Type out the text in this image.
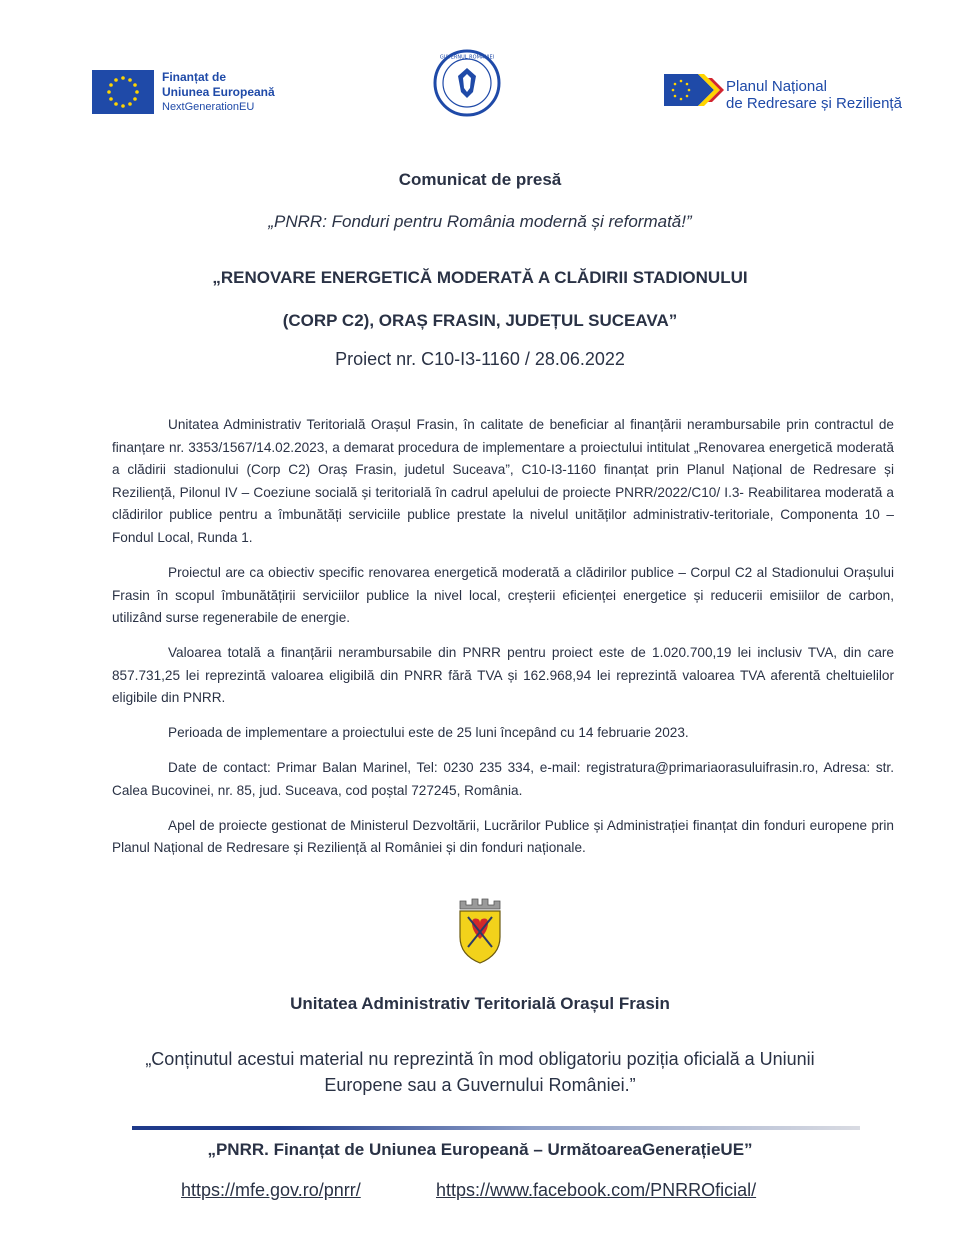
Finanțat de
Uniunea Europeană
NextGenerationEU
GUVERNUL ROMÂNIEI
Planul Național
de Redresare și Reziliență
Comunicat de presă
„PNRR: Fonduri pentru România modernă și reformată!”
„RENOVARE ENERGETICĂ MODERATĂ A CLĂDIRII STADIONULUI
(CORP C2), ORAȘ FRASIN, JUDEȚUL SUCEAVA”
Proiect nr. C10-I3-1160 / 28.06.2022

Unitatea Administrativ Teritorială Orașul Frasin, în calitate de beneficiar al finanțării nerambursabile prin contractul de finanțare nr. 3353/1567/14.02.2023, a demarat procedura de implementare a proiectului intitulat „Renovarea energetică moderată a clădirii stadionului (Corp C2) Oraș Frasin, judetul Suceava”, C10-I3-1160 finanțat prin Planul Național de Redresare și Reziliență, Pilonul IV – Coeziune socială și teritorială în cadrul apelului de proiecte PNRR/2022/C10/ I.3- Reabilitarea moderată a clădirilor publice pentru a îmbunătăți serviciile publice prestate la nivelul unităților administrativ-teritoriale, Componenta 10 – Fondul Local, Runda 1.

Proiectul are ca obiectiv specific renovarea energetică moderată a clădirilor publice – Corpul C2 al Stadionului Orașului Frasin în scopul îmbunătățirii serviciilor publice la nivel local, creșterii eficienței energetice și reducerii emisiilor de carbon, utilizând surse regenerabile de energie.

Valoarea totală a finanțării nerambursabile din PNRR pentru proiect este de 1.020.700,19 lei inclusiv TVA, din care 857.731,25 lei reprezintă valoarea eligibilă din PNRR fără TVA și 162.968,94 lei reprezintă valoarea TVA aferentă cheltuielilor eligibile din PNRR.

Perioada de implementare a proiectului este de 25 luni începând cu 14 februarie 2023.

Date de contact: Primar Balan Marinel, Tel: 0230 235 334, e-mail: registratura@primariaorasuluifrasin.ro, Adresa: str. Calea Bucovinei, nr. 85, jud. Suceava, cod poștal 727245, România.

Apel de proiecte gestionat de Ministerul Dezvoltării, Lucrărilor Publice și Administrației finanțat din fonduri europene prin Planul Național de Redresare și Reziliență al României și din fonduri naționale.

Unitatea Administrativ Teritorială Orașul Frasin
„Conținutul acestui material nu reprezintă în mod obligatoriu poziția oficială a Uniunii
Europene sau a Guvernului României.”
„PNRR. Finanțat de Uniunea Europeană – UrmătoareaGenerațieUE”
https://mfe.gov.ro/pnrr/	https://www.facebook.com/PNRROficial/
